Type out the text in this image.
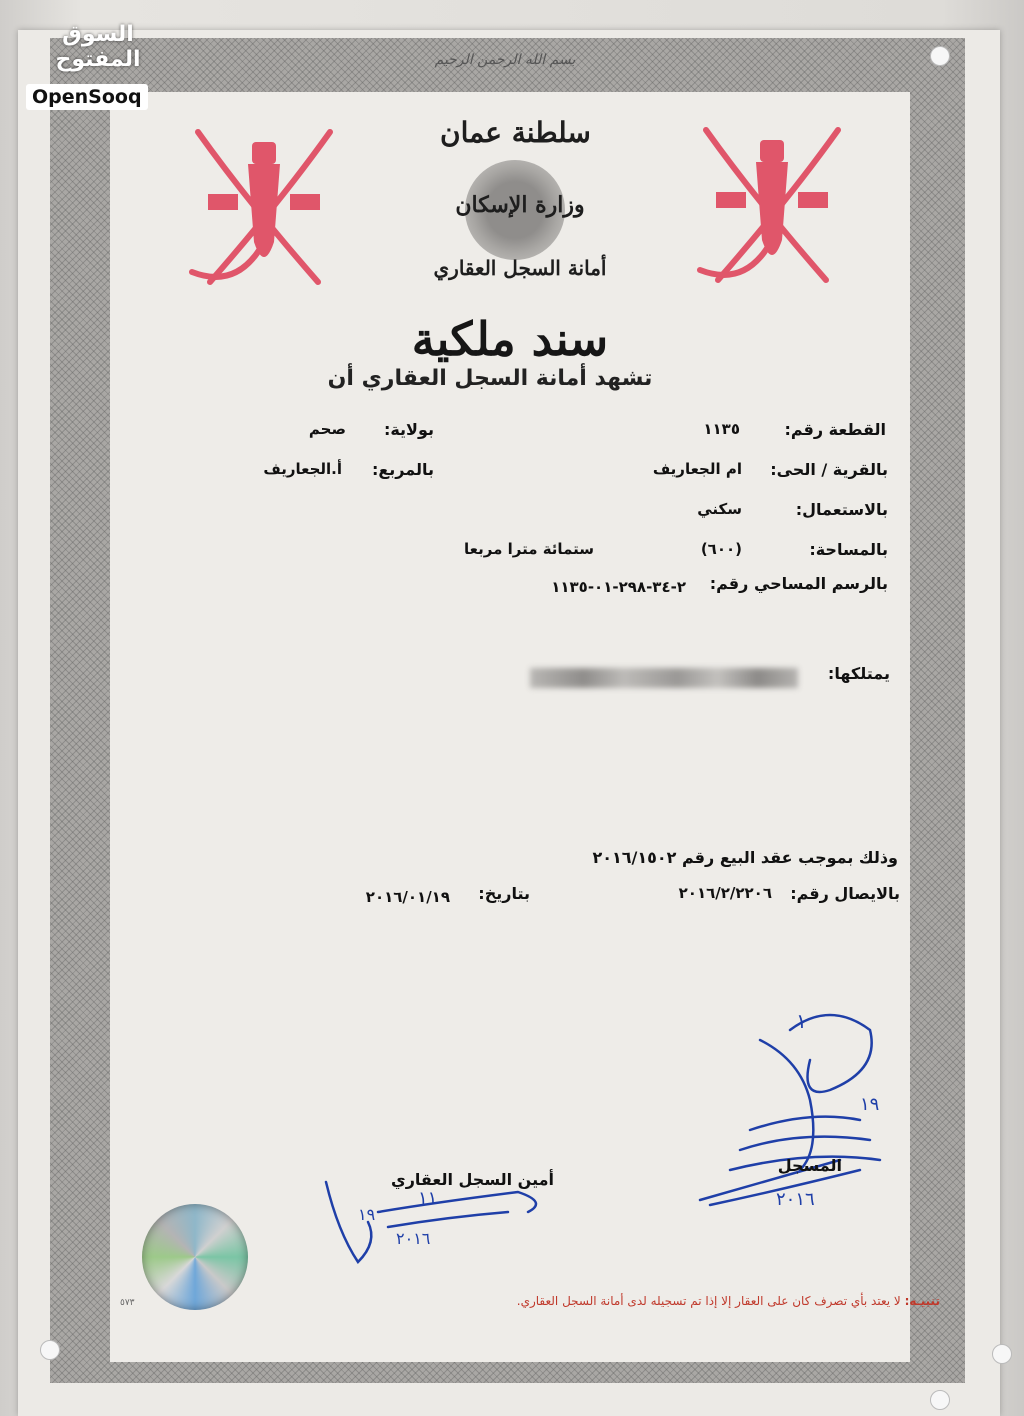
السوق المفتوح
OpenSooq
بسم الله الرحمن الرحيم
سلطنة عمان
وزارة الإسكان
أمانة السجل العقاري
سند ملكية
تشهد أمانة السجل العقاري أن
القطعة رقم:
١١٣٥
بولاية:
صحم
بالقرية / الحى:
ام الجعاريف
بالمربع:
أ.الجعاريف
بالاستعمال:
سكني
بالمساحة:
(٦٠٠)
ستمائة مترا مربعا
بالرسم المساحي رقم:
٢-٣٤-٢٩٨-٠١-١١٣٥
يمتلكها:
وذلك بموجب عقد البيع رقم ٢٠١٦/١٥٠٢
بالايصال رقم:
٢٠١٦/٢/٢٢٠٦
بتاريخ:
٢٠١٦/٠١/١٩
١
١٩
٢٠١٦
المسجل
أمين السجل العقاري
١١
١٩
٢٠١٦
٥٧٣	تنبيـه: لا يعتد بأي تصرف كان على العقار إلا إذا تم تسجيله لدى أمانة السجل العقاري.
